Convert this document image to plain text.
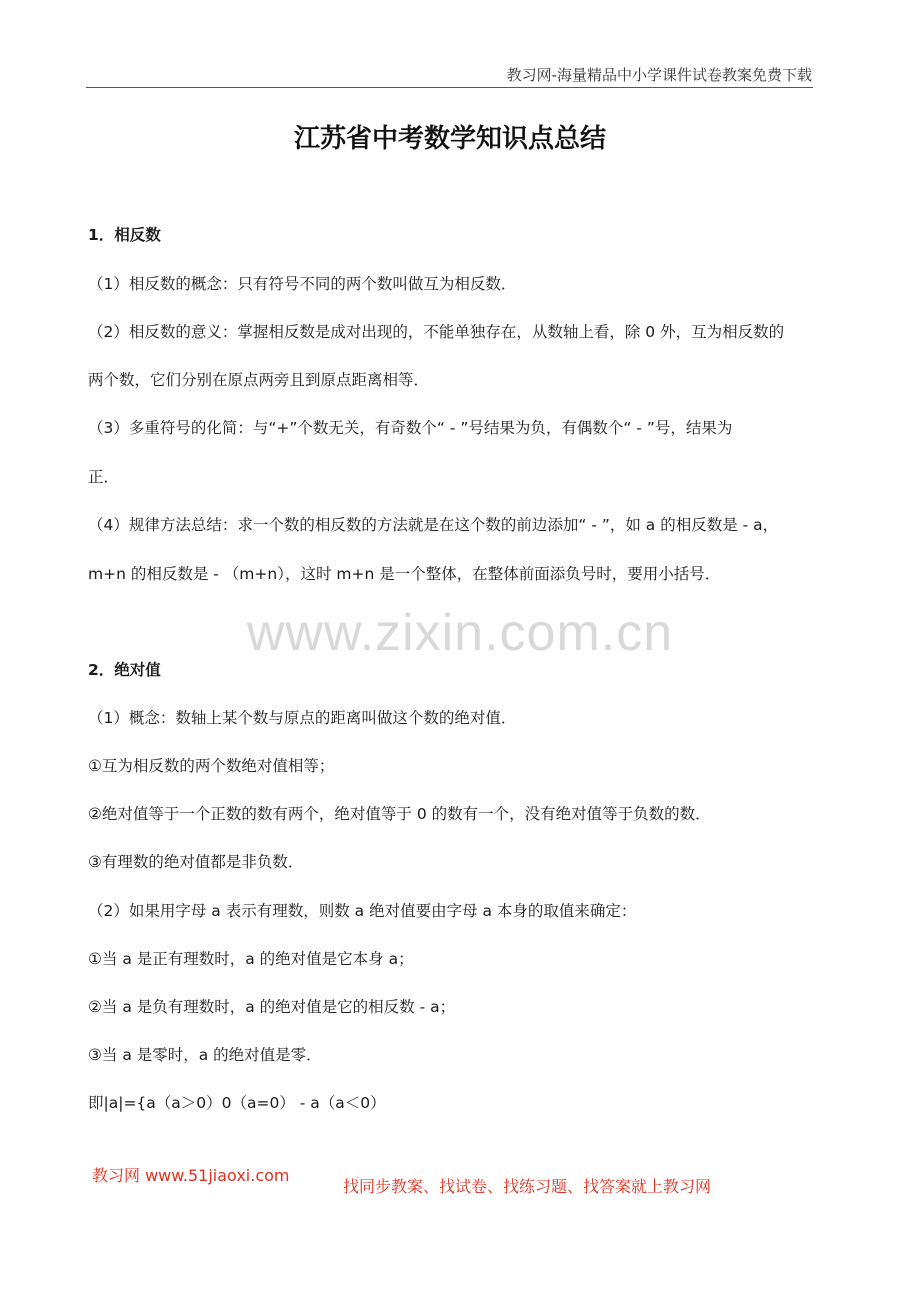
教习网-海量精品中小学课件试卷教案免费下载
江苏省中考数学知识点总结
1．相反数
（1）相反数的概念：只有符号不同的两个数叫做互为相反数．
（2）相反数的意义：掌握相反数是成对出现的，不能单独存在，从数轴上看，除 0 外，互为相反数的
两个数，它们分别在原点两旁且到原点距离相等．
（3）多重符号的化简：与“+”个数无关，有奇数个“ - ”号结果为负，有偶数个“ - ”号，结果为
正．
（4）规律方法总结：求一个数的相反数的方法就是在这个数的前边添加“ - ”，如 a 的相反数是 - a，
m+n 的相反数是 - （m+n），这时 m+n 是一个整体，在整体前面添负号时，要用小括号．
www.zixin.com.cn
2．绝对值
（1）概念：数轴上某个数与原点的距离叫做这个数的绝对值．
①互为相反数的两个数绝对值相等；
②绝对值等于一个正数的数有两个，绝对值等于 0 的数有一个，没有绝对值等于负数的数．
③有理数的绝对值都是非负数．
（2）如果用字母 a 表示有理数，则数 a 绝对值要由字母 a 本身的取值来确定：
①当 a 是正有理数时，a 的绝对值是它本身 a；
②当 a 是负有理数时，a 的绝对值是它的相反数 - a；
③当 a 是零时，a 的绝对值是零．
即|a|={a（a＞0）0（a=0） - a（a＜0）
教习网 www.51jiaoxi.com
找同步教案、找试卷、找练习题、找答案就上教习网
